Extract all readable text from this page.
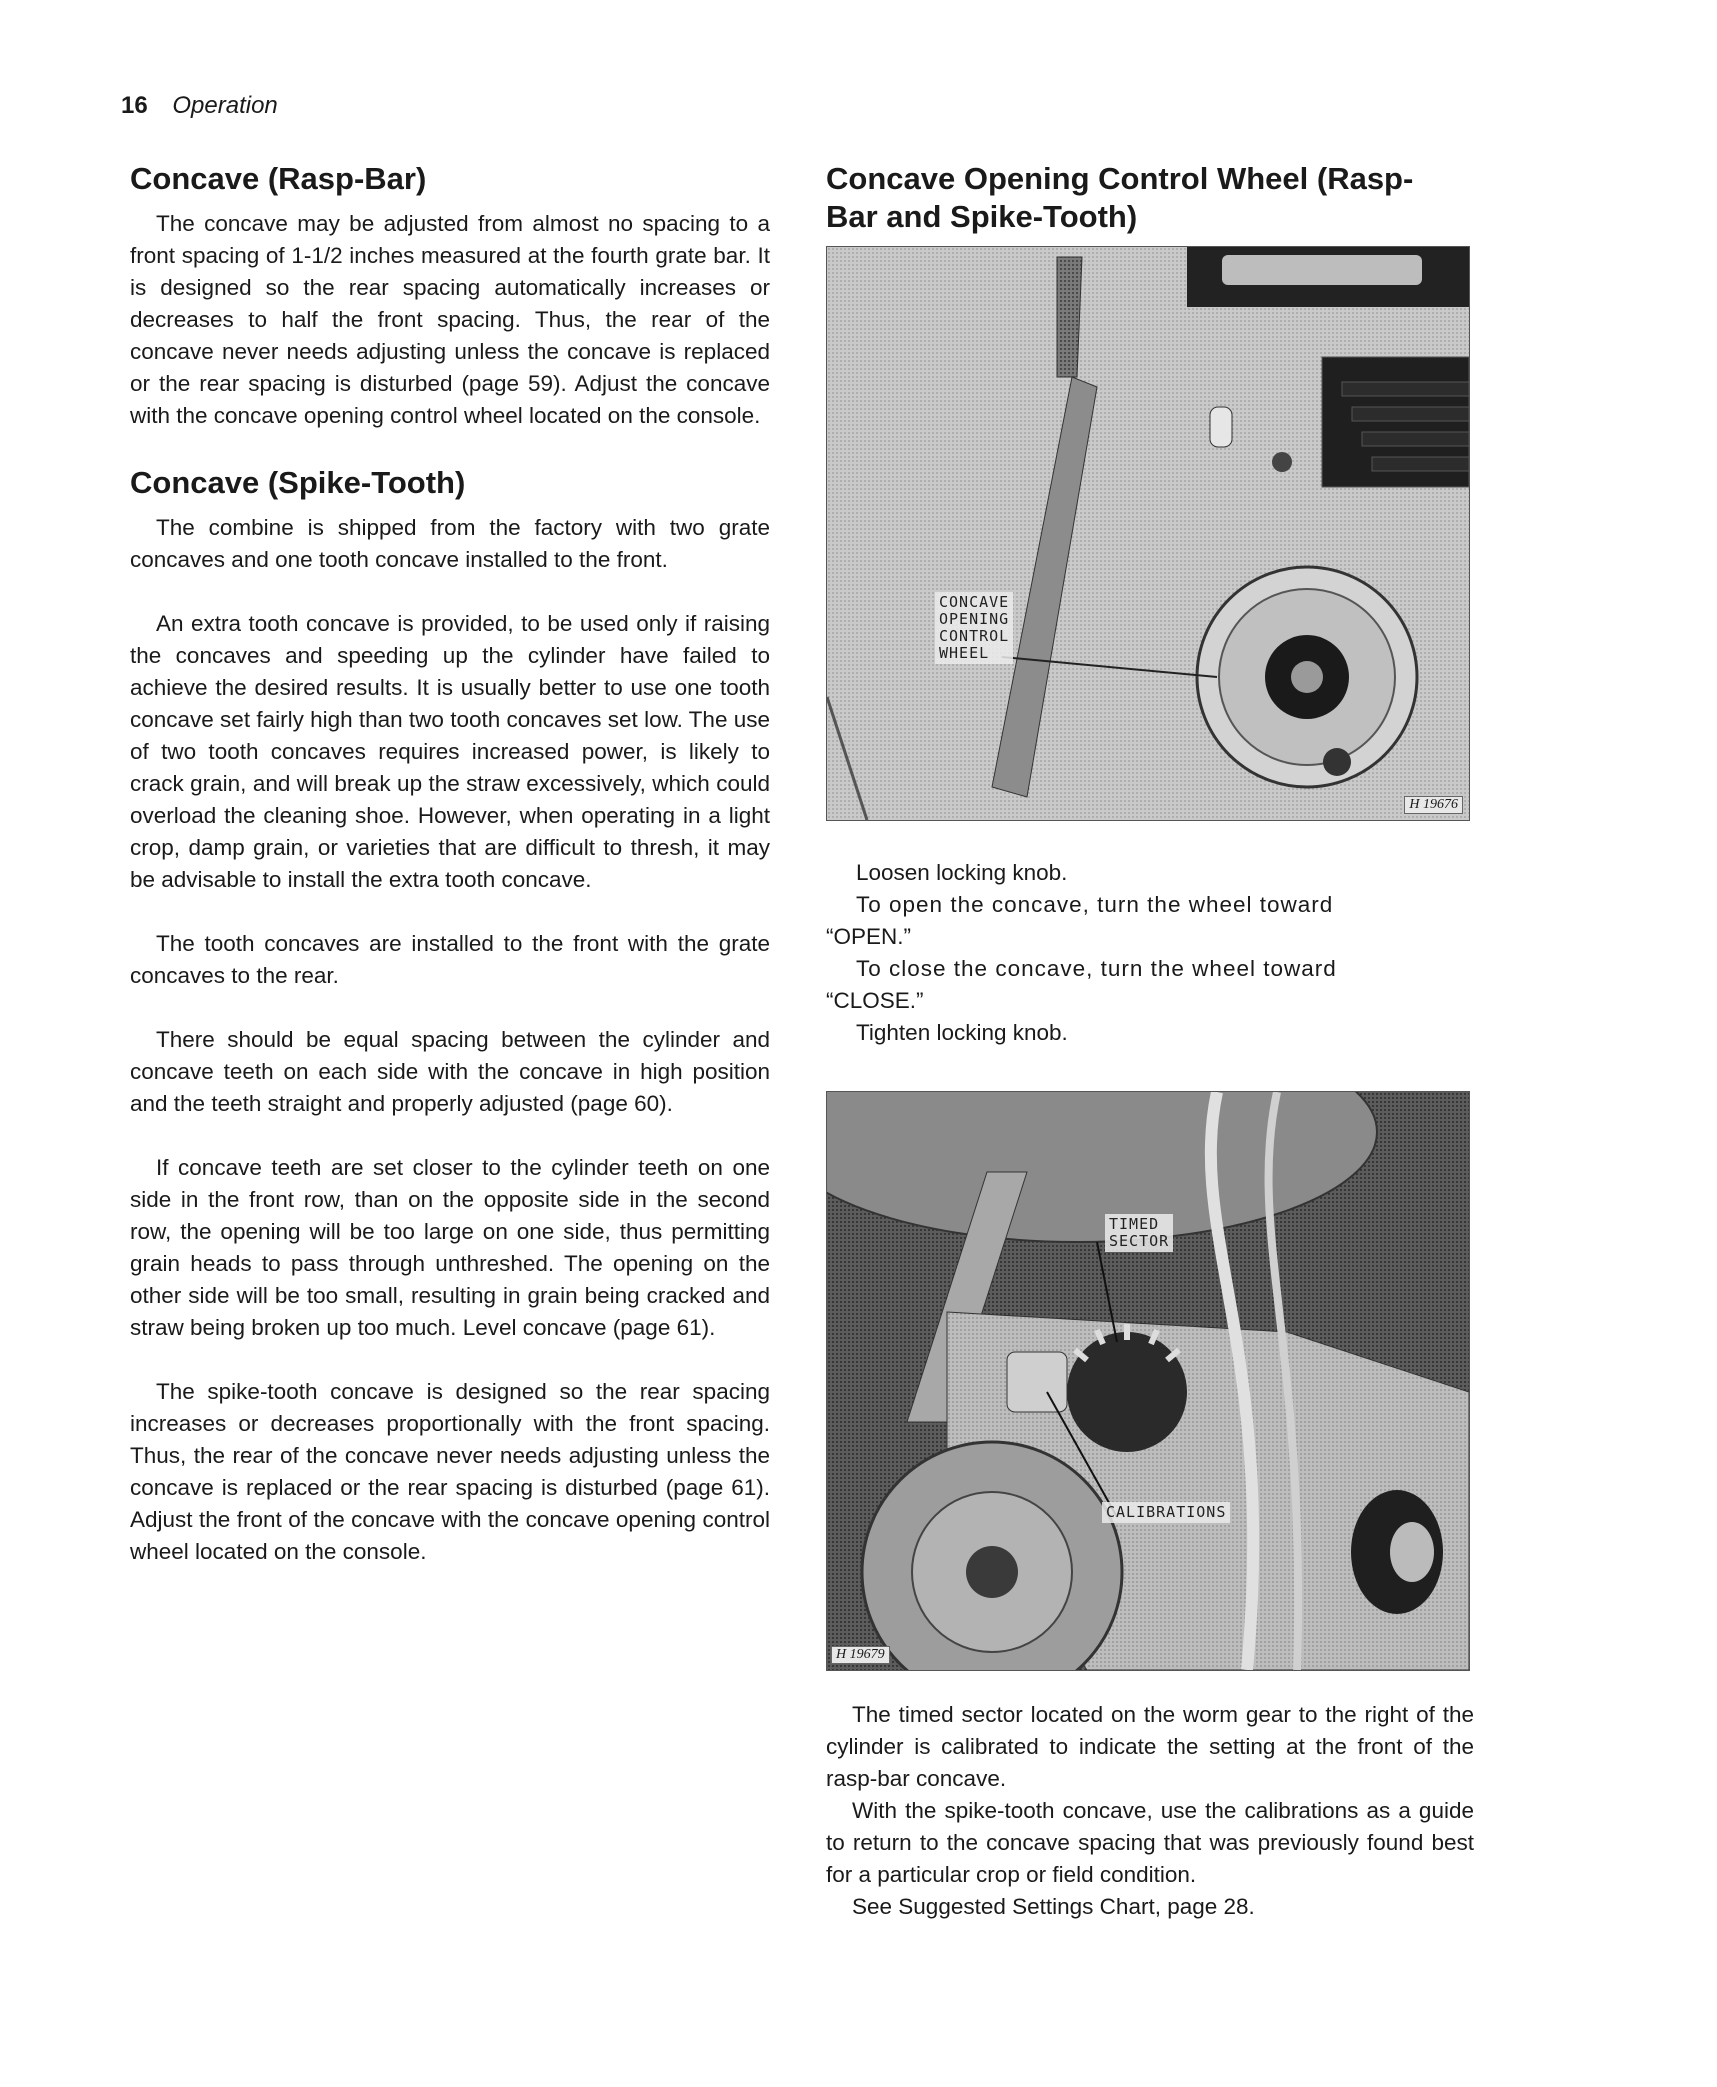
16 Operation
Concave (Rasp-Bar)

The concave may be adjusted from almost no spacing to a front spacing of 1-1/2 inches measured at the fourth grate bar. It is designed so the rear spacing automatically increases or decreases to half the front spacing. Thus, the rear of the concave never needs adjusting unless the concave is replaced or the rear spacing is disturbed (page 59). Adjust the concave with the concave opening control wheel located on the console.

Concave (Spike-Tooth)

The combine is shipped from the factory with two grate concaves and one tooth concave installed to the front.

An extra tooth concave is provided, to be used only if raising the concaves and speeding up the cylinder have failed to achieve the desired results. It is usually better to use one tooth concave set fairly high than two tooth concaves set low. The use of two tooth concaves requires increased power, is likely to crack grain, and will break up the straw excessively, which could overload the cleaning shoe. However, when operating in a light crop, damp grain, or varieties that are difficult to thresh, it may be advisable to install the extra tooth concave.

The tooth concaves are installed to the front with the grate concaves to the rear.

There should be equal spacing between the cylinder and concave teeth on each side with the concave in high position and the teeth straight and properly adjusted (page 60).

If concave teeth are set closer to the cylinder teeth on one side in the front row, than on the opposite side in the second row, the opening will be too large on one side, thus permitting grain heads to pass through unthreshed. The opening on the other side will be too small, resulting in grain being cracked and straw being broken up too much. Level concave (page 61).

The spike-tooth concave is designed so the rear spacing increases or decreases proportionally with the front spacing. Thus, the rear of the concave never needs adjusting unless the concave is replaced or the rear spacing is disturbed (page 61). Adjust the front of the concave with the concave opening control wheel located on the console.

Concave Opening Control Wheel (Rasp-Bar and Spike-Tooth)
CONCAVE
OPENING
CONTROL
WHEEL
H 19676
Loosen locking knob.
To open the concave, turn the wheel toward
“OPEN.”
To close the concave, turn the wheel toward
“CLOSE.”
Tighten locking knob.
TIMED
SECTOR
CALIBRATIONS
H 19679

The timed sector located on the worm gear to the right of the cylinder is calibrated to indicate the setting at the front of the rasp-bar concave.

With the spike-tooth concave, use the calibrations as a guide to return to the concave spacing that was previously found best for a particular crop or field condition.

See Suggested Settings Chart, page 28.
